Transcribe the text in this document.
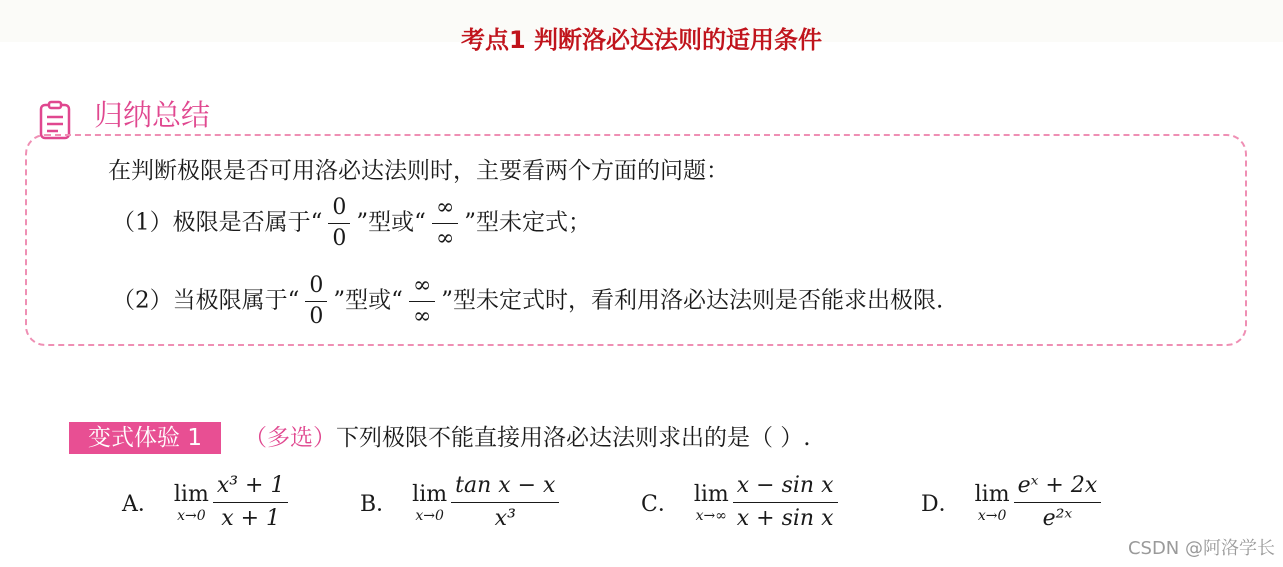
考点1 判断洛必达法则的适用条件
归纳总结
在判断极限是否可用洛必达法则时，主要看两个方面的问题：
（1）极限是否属于“ $\frac{0}{0}$ ”型或“ $\frac{\infty}{\infty}$ ”型未定式；
（2）当极限属于“ $\frac{0}{0}$ ”型或“ $\frac{\infty}{\infty}$ ”型未定式时，看利用洛必达法则是否能求出极限.
变式体验 1	（多选）下列极限不能直接用洛必达法则求出的是（ ）.
A． lim
x→0
x³ + 1
x + 1
B． lim
x→0
tan x − x
x³
C． lim
x→∞
x − sin x
x + sin x
D． lim
x→0
eˣ + 2x
e²ˣ
CSDN @阿洛学长
